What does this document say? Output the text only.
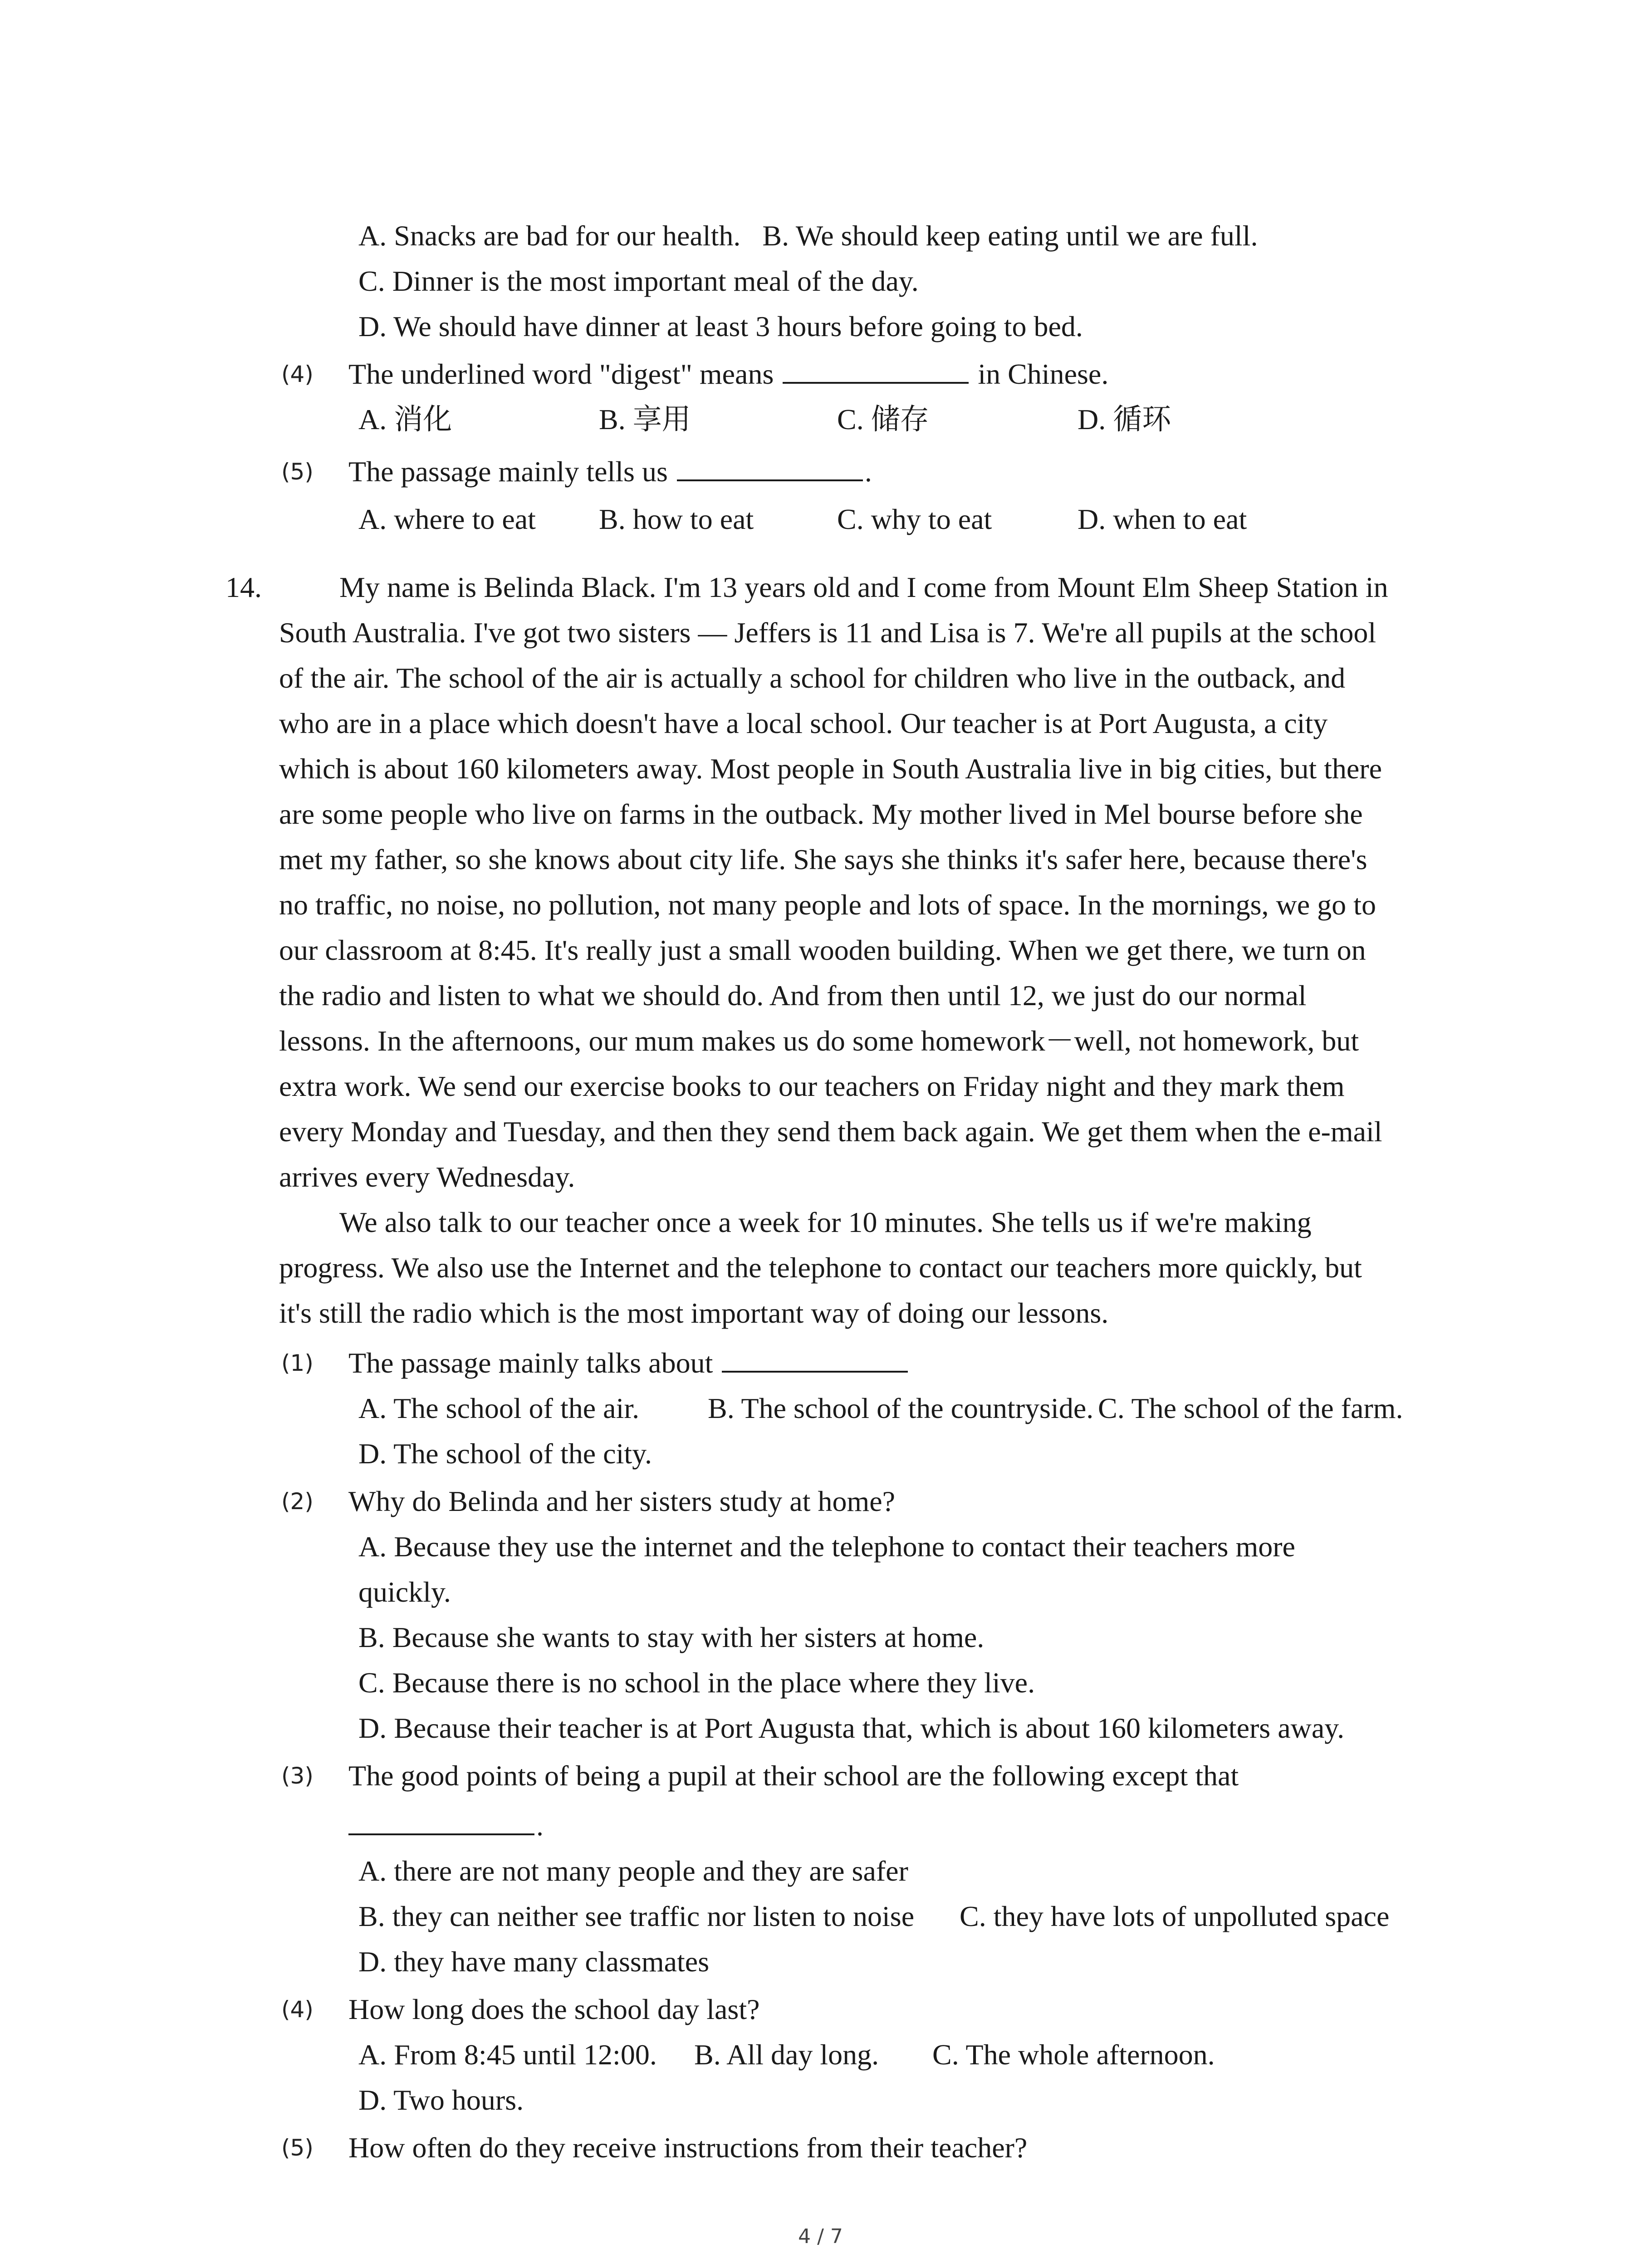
A. Snacks are bad for our health. B. We should keep eating until we are full.
C. Dinner is the most important meal of the day.
D. We should have dinner at least 3 hours before going to bed.
(4) The underlined word "digest" means	in Chinese.
A. 消化	B. 享用	C. 储存	D. 循环
(5) The passage mainly tells us	.
A. where to eat B. how to eat	C. why to eat	D. when to eat
14.	My name is Belinda Black. I'm 13 years old and I come from Mount Elm Sheep Station in
South Australia. I've got two sisters — Jeffers is 11 and Lisa is 7. We're all pupils at the school
of the air. The school of the air is actually a school for children who live in the outback, and
who are in a place which doesn't have a local school. Our teacher is at Port Augusta, a city
which is about 160 kilometers away. Most people in South Australia live in big cities, but there
are some people who live on farms in the outback. My mother lived in Mel bourse before she
met my father, so she knows about city life. She says she thinks it's safer here, because there's
no traffic, no noise, no pollution, not many people and lots of space. In the mornings, we go to
our classroom at 8:45. It's really just a small wooden building. When we get there, we turn on
the radio and listen to what we should do. And from then until 12, we just do our normal
lessons. In the afternoons, our mum makes us do some homework－well, not homework, but
extra work. We send our exercise books to our teachers on Friday night and they mark them
every Monday and Tuesday, and then they send them back again. We get them when the e-mail
arrives every Wednesday.
We also talk to our teacher once a week for 10 minutes. She tells us if we're making
progress. We also use the Internet and the telephone to contact our teachers more quickly, but
it's still the radio which is the most important way of doing our lessons.
(1) The passage mainly talks about
A. The school of the air. B. The school of the countryside. C. The school of the farm.
D. The school of the city.
(2) Why do Belinda and her sisters study at home?
A. Because they use the internet and the telephone to contact their teachers more
quickly.
B. Because she wants to stay with her sisters at home.
C. Because there is no school in the place where they live.
D. Because their teacher is at Port Augusta that, which is about 160 kilometers away.
(3) The good points of being a pupil at their school are the following except that
.
A. there are not many people and they are safer
B. they can neither see traffic nor listen to noise C. they have lots of unpolluted space
D. they have many classmates
(4) How long does the school day last?
A. From 8:45 until 12:00. B. All day long. C. The whole afternoon.
D. Two hours.
(5) How often do they receive instructions from their teacher?
4 / 7
